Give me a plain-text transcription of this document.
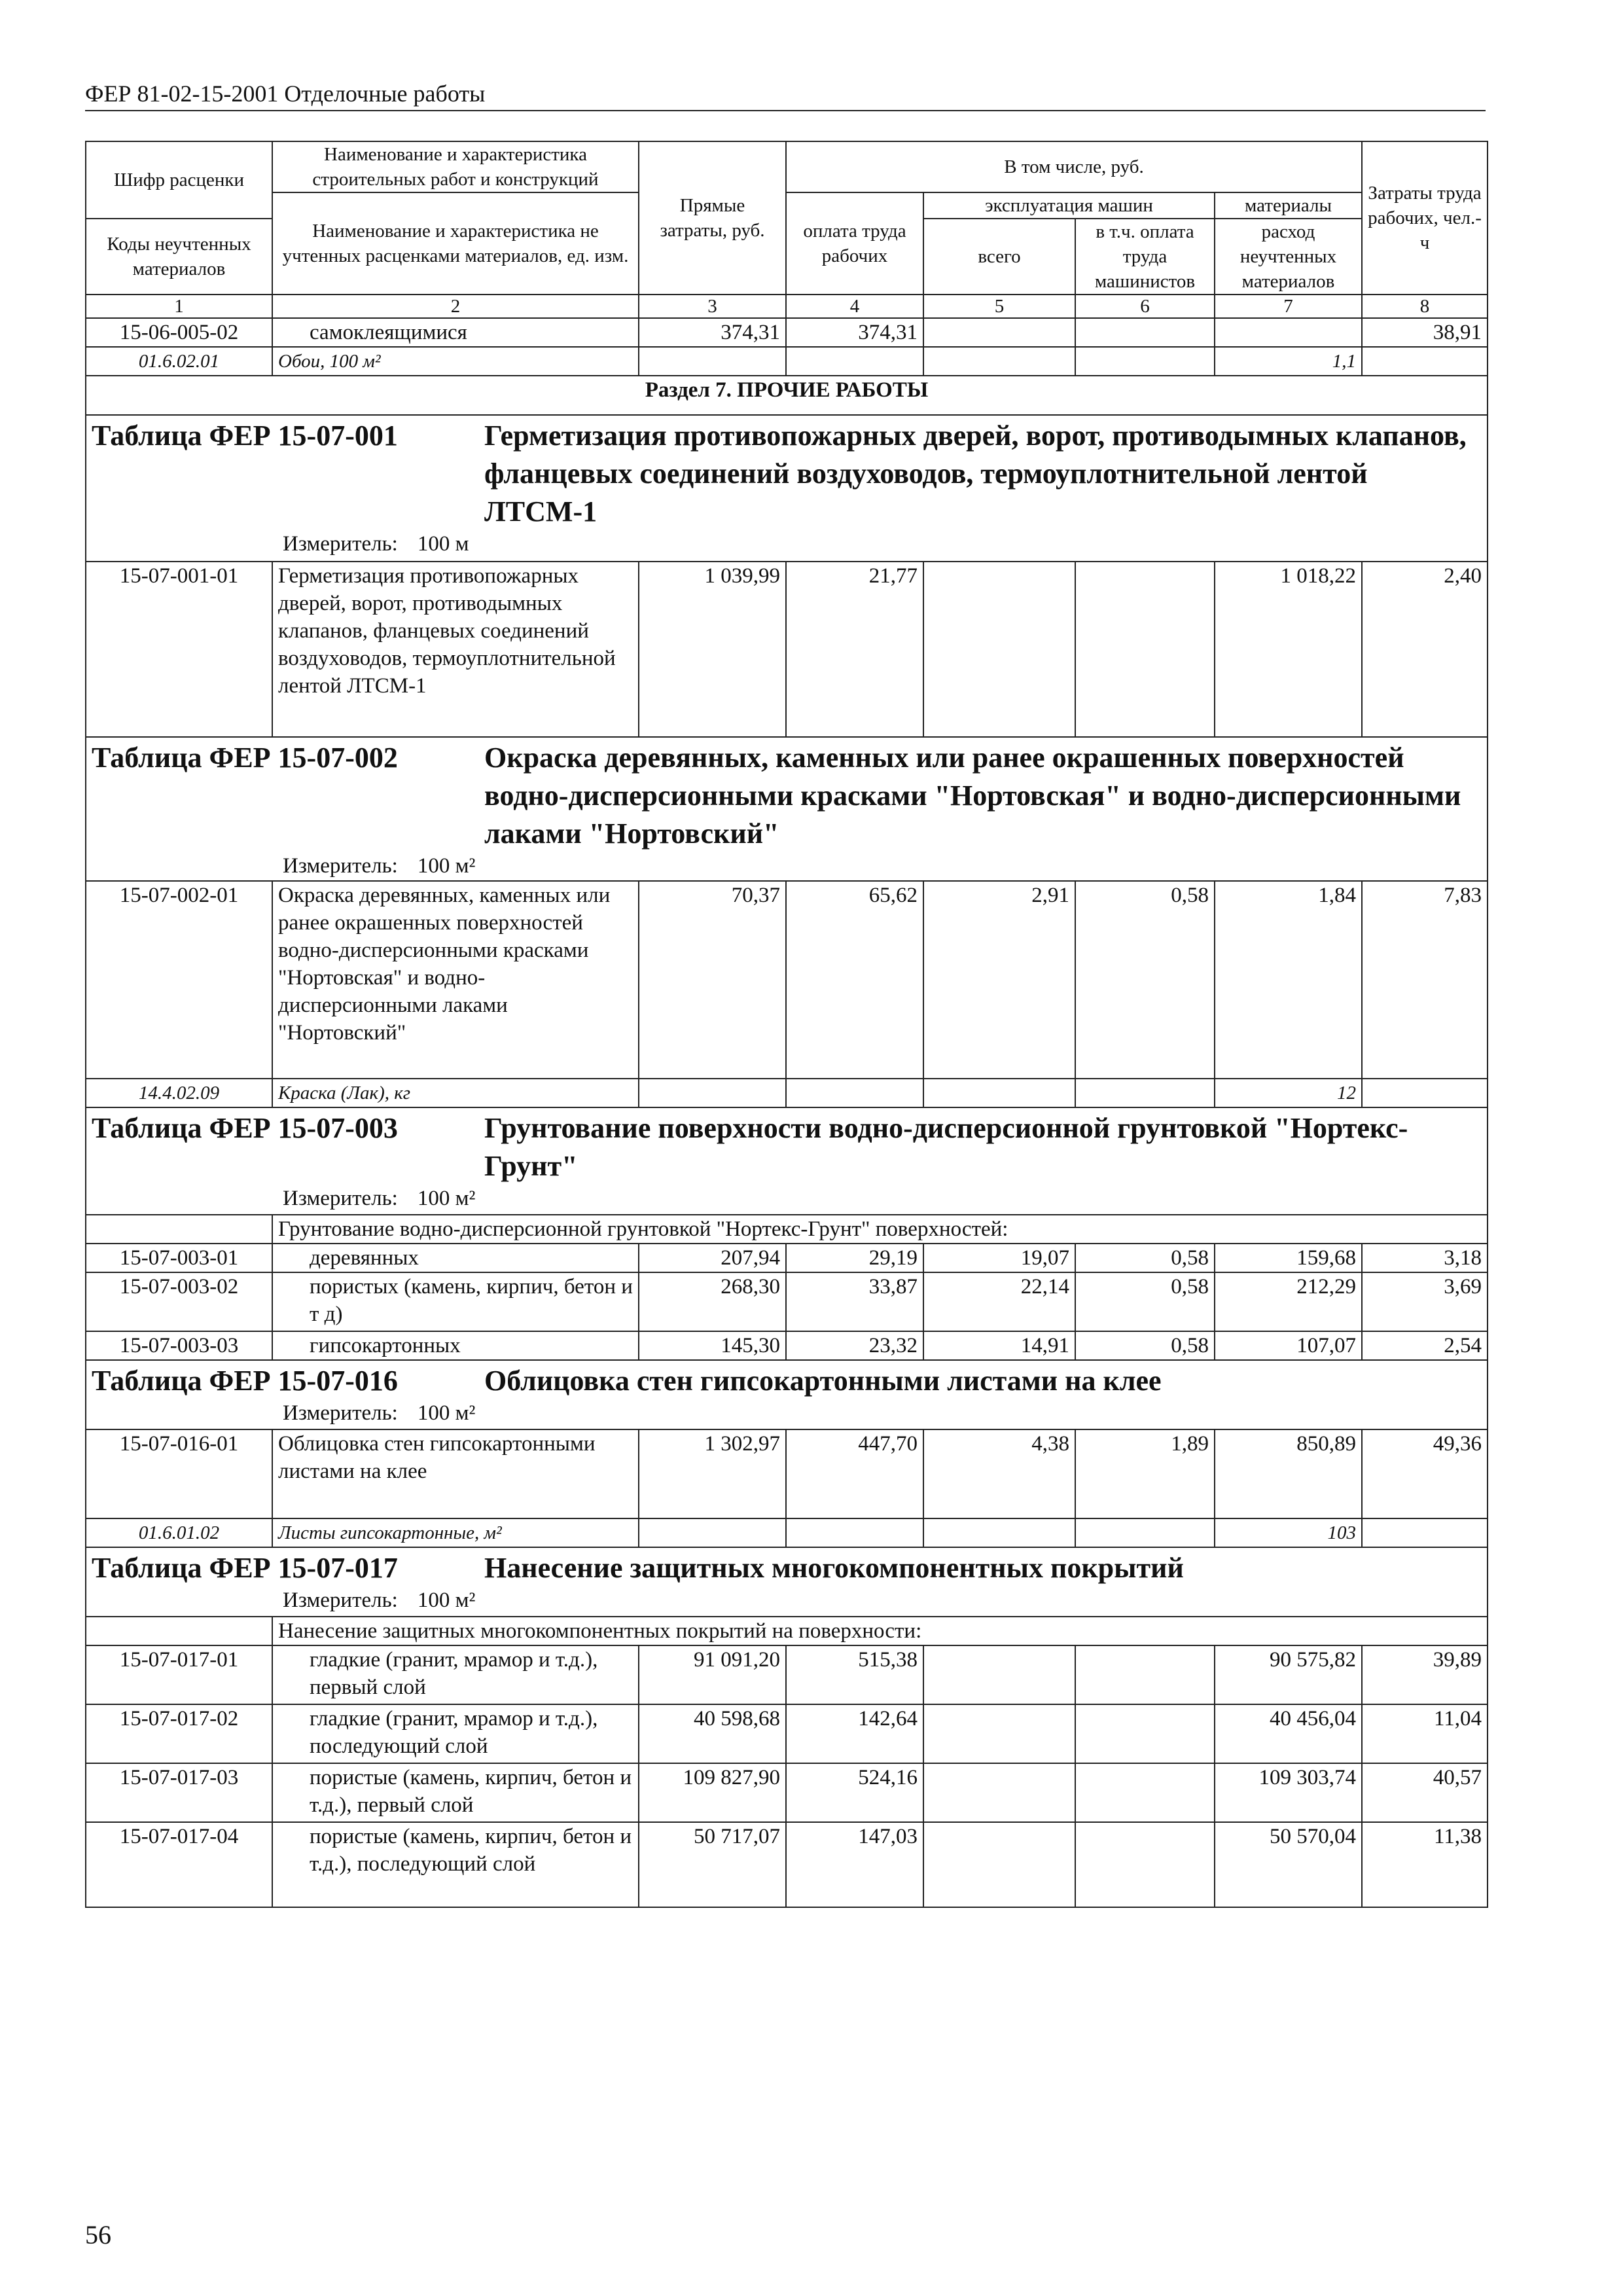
ФЕР 81-02-15-2001 Отделочные работы
Шифр расценки	Наименование и характеристика строительных работ и конструкций	Прямые затраты, руб.	В том числе, руб.				Затраты труда рабочих, чел.-ч
	Наименование и характеристика не учтенных расценками материалов, ед. изм.		оплата труда рабочих	эксплуатация машин		материалы	
Коды неучтенных материалов				всего	в т.ч. оплата труда машинистов	расход неучтенных материалов	

1	2	3	4	5	6	7	8
15-06-005-02	самоклеящимися	374,31	374,31				38,91
01.6.02.01	Обои, 100 м²					1,1	
Раздел 7. ПРОЧИЕ РАБОТЫ							

Таблица ФЕР 15-07-001 Герметизация противопожарных дверей, ворот, противодымных клапанов, фланцевых соединений воздуховодов, термоуплотнительной лентой ЛТСМ-1
Измеритель: 100 м							

15-07-001-01	Герметизация противопожарных дверей, ворот, противодымных клапанов, фланцевых соединений воздуховодов, термоуплотнительной лентой ЛТСМ-1	1 039,99	21,77			1 018,22	2,40

Таблица ФЕР 15-07-002 Окраска деревянных, каменных или ранее окрашенных поверхностей водно-дисперсионными красками "Нортовская" и водно-дисперсионными лаками "Нортовский"
Измеритель: 100 м²							

15-07-002-01	Окраска деревянных, каменных или ранее окрашенных поверхностей водно-дисперсионными красками "Нортовская" и водно-дисперсионными лаками "Нортовский"	70,37	65,62	2,91	0,58	1,84	7,83
14.4.02.09	Краска (Лак), кг					12	

Таблица ФЕР 15-07-003 Грунтование поверхности водно-дисперсионной грунтовкой "Нортекс-Грунт"
Измеритель: 100 м²							

	Грунтование водно-дисперсионной грунтовкой "Нортекс-Грунт" поверхностей:						
15-07-003-01	деревянных	207,94	29,19	19,07	0,58	159,68	3,18
15-07-003-02	пористых (камень, кирпич, бетон и т д)	268,30	33,87	22,14	0,58	212,29	3,69
15-07-003-03	гипсокартонных	145,30	23,32	14,91	0,58	107,07	2,54

Таблица ФЕР 15-07-016 Облицовка стен гипсокартонными листами на клее
Измеритель: 100 м²							

15-07-016-01	Облицовка стен гипсокартонными листами на клее	1 302,97	447,70	4,38	1,89	850,89	49,36
01.6.01.02	Листы гипсокартонные, м²					103	

Таблица ФЕР 15-07-017 Нанесение защитных многокомпонентных покрытий
Измеритель: 100 м²							

	Нанесение защитных многокомпонентных покрытий на поверхности:						
15-07-017-01	гладкие (гранит, мрамор и т.д.), первый слой	91 091,20	515,38			90 575,82	39,89
15-07-017-02	гладкие (гранит, мрамор и т.д.), последующий слой	40 598,68	142,64			40 456,04	11,04
15-07-017-03	пористые (камень, кирпич, бетон и т.д.), первый слой	109 827,90	524,16			109 303,74	40,57
15-07-017-04	пористые (камень, кирпич, бетон и т.д.), последующий слой	50 717,07	147,03			50 570,04	11,38
56
